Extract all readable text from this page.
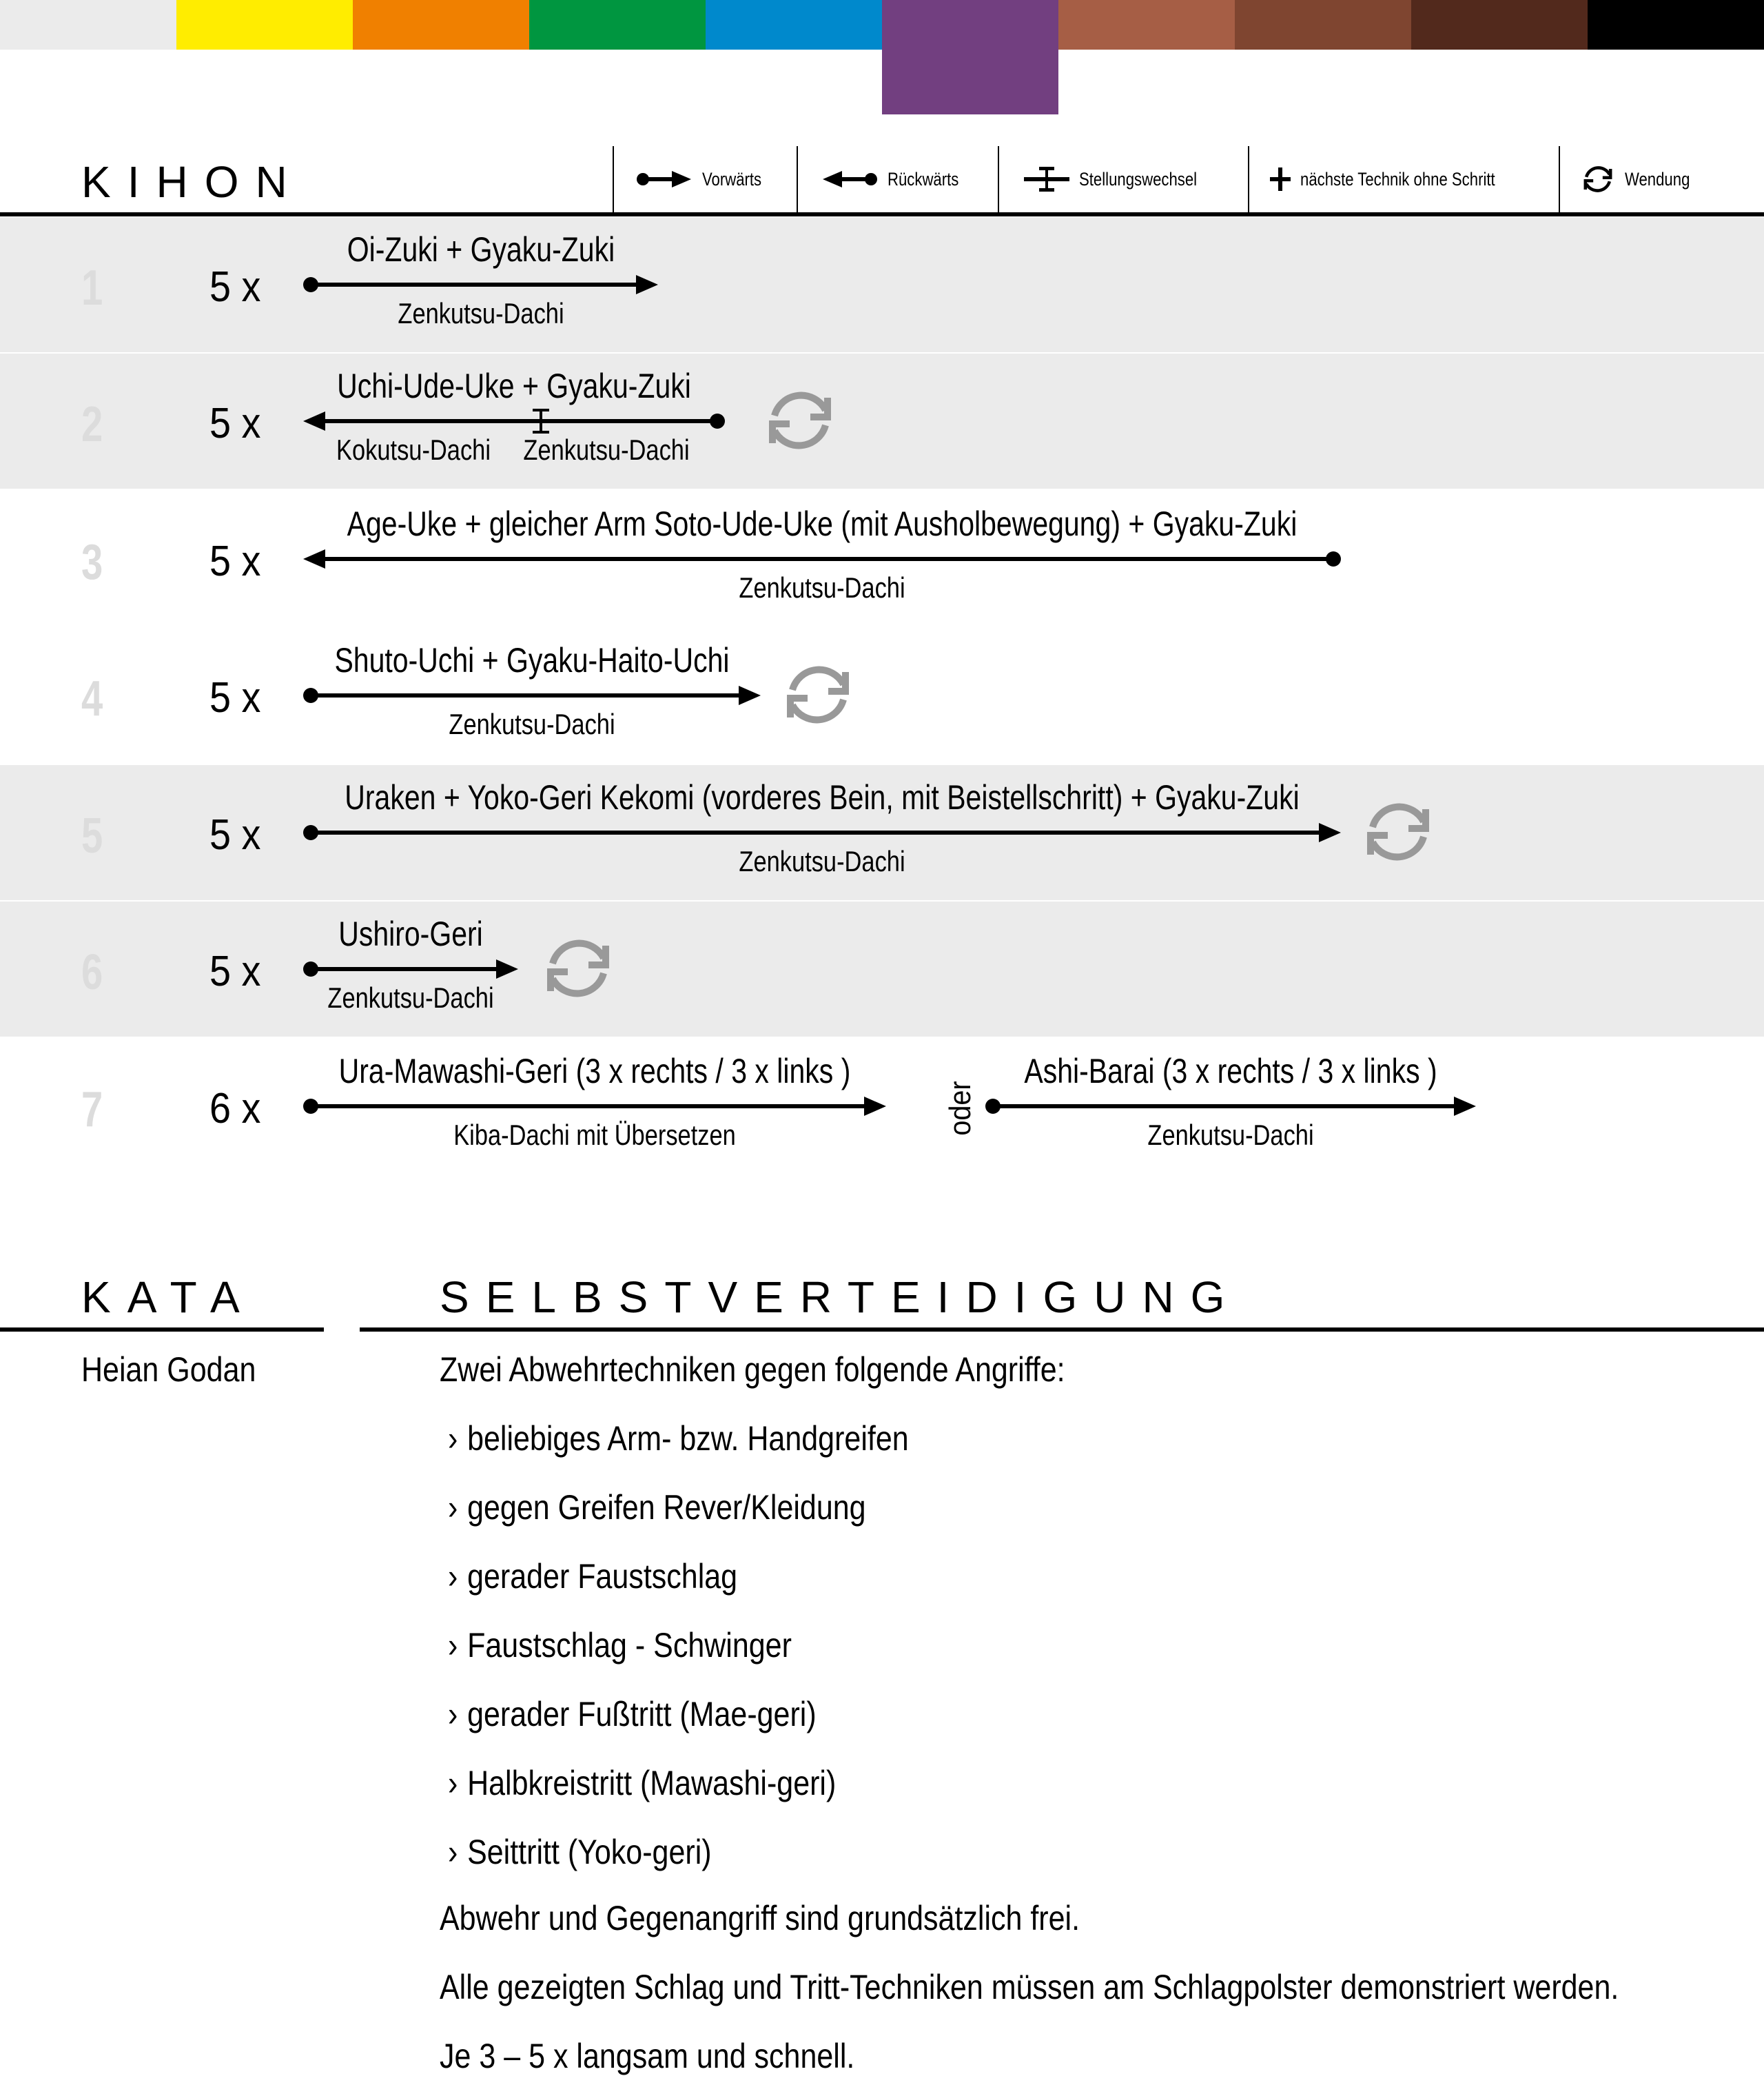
KIHON	Vorwärts	Rückwärts	Stellungswechsel	nächste Technik ohne Schritt	Wendung
1 5 x
Oi-Zuki + Gyaku-Zuki
Zenkutsu-Dachi
2 5 x
Uchi-Ude-Uke + Gyaku-Zuki
Kokutsu-Dachi Zenkutsu-Dachi
3 5 x
Age-Uke + gleicher Arm Soto-Ude-Uke (mit Ausholbewegung) + Gyaku-Zuki
Zenkutsu-Dachi
4 5 x
Shuto-Uchi + Gyaku-Haito-Uchi
Zenkutsu-Dachi
5 5 x
Uraken + Yoko-Geri Kekomi (vorderes Bein, mit Beistellschritt) + Gyaku-Zuki
Zenkutsu-Dachi
6 5 x
Ushiro-Geri
Zenkutsu-Dachi
7 6 x
Ura-Mawashi-Geri (3 x rechts / 3 x links )
Kiba-Dachi mit Übersetzen	oder
Ashi-Barai (3 x rechts / 3 x links )
Zenkutsu-Dachi
KATA
Heian Godan
SELBSTVERTEIDIGUNG
Zwei Abwehrtechniken gegen folgende Angriffe:
› beliebiges Arm- bzw. Handgreifen
› gegen Greifen Rever/Kleidung
› gerader Faustschlag
› Faustschlag - Schwinger
› gerader Fußtritt (Mae-geri)
› Halbkreistritt (Mawashi-geri)
› Seittritt (Yoko-geri)
Abwehr und Gegenangriff sind grundsätzlich frei.
Alle gezeigten Schlag und Tritt-Techniken müssen am Schlagpolster demonstriert werden.
Je 3 – 5 x langsam und schnell.
